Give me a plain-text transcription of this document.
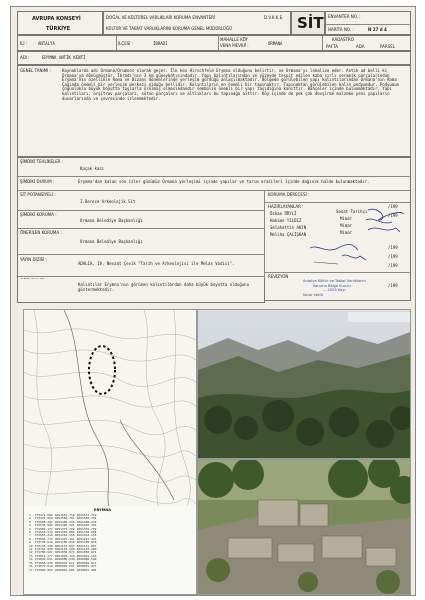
AVRUPA KONSEYİ
TÜRKİYE
DOĞAL VE KÜLTÜREL VARLIKLARI KORUMA ENVANTERİ
KÜLTÜR VE TABİAT VARLIKLARINI KORUMA GENEL MÜDÜRLÜĞÜ
D.V.K.K.E. SİT ENVANTER NO. :
HARİTA NO. :	N 27 d 4
İLİ :	ANTALYA	İLÇESİ :	İBRADI
MAHALLE KÖY
VENA MEVKİİ :	ORMANA
KADASTRO
PAFTA	ADA	PARSEL
ADI :	ERYMNA ANTİK KENTİ
GENEL TANIMI :	Kaynaklarda adı Ormana/Orumnos olarak geçer. İlk kez Hirschfeld Erymna olduğunu belirtir, ve Ormana'yı lokalize eder. Antik ad belli ki Ormana'ya dönüşmüştür. İbradı'nın 3 km güneybatısındadır. Yapı kalıntılarından ve yüzeyde tespit edilen kaba sırlı seramik parçalarından Erymna'nın özellikle Roma ve Bizans dönemlerinde yerleşim gördüğü anlaşılmaktadır. Bölgede görülebilen yapı kalıntılarından Ormana'nın Roma Çağında önemli bir yerleşim merkezi olduğu bellidir. Kalıntıların en önemli bir tapınaktır. Tapınaktan görülebilen kalın podyumdur. Podyumun çoğunlukla büyük boyutta taşlarla örülmüş olmasındandır sembolik önemli bir yapı taşıdığına kanıttır. Bahçeler içinde bulunmaktadır. Yapı kalıntıları, arşitrav parçaları, sütun parçaları ve altlıkları bu tapınağa aittir. Köy içinde de pek çok devşirme malzeme yeni yapıların duvarlarında ve çevresinde izlenmektedir.
ŞİMDİKİ TEHLİKELER :
Kaçak kazı
ŞİMDİKİ DURUM :	Erymna'dan kalan son izler günümüz Ormana yerleşimi içinde yapılar ve tarım arazileri içinde dağınık halde bulunmaktadır.
SİT POTANSİYELİ :
I.Derece Arkeolojik Sit
ŞİMDİKİ KORUMA :
Ormana Belediye Başkanlığı
ÖNERİLEN KORUMA :
Ormana Belediye Başkanlığı
YAYIN DİZİSİ :
ADALIA, IV. Nevzat Çevik "Tarih ve Arkeolojisi ile Melas Vadisi".
KORUMA DERECESİ :
HAZIRLAYANLAR :
Özkan ÜRYLİ	Sanat Tarihçi
Hakime YILDIZ	Mimar
Selahattin AKIN	Mimar
Meliha ÇALİŞKAN	Mimar
/199
/199
/199
/199
/199
/199
REVİZYON
Kalıntılar Erymna'nın görünen kalıntılardan daha büyük boyutta olduğunu göstermektedir.
Antalya Kültür ve Tabiat Varlıklarını
Koruma Bölge Kurulu
....2003 Sayı
Karar sözlü
ERYMNA
1	379471.682	4091651.719	4091651.719
2	379474.682	4091582.701	4091582.701
3	379508.441	4091489.216	4091489.216
4	379536.906	4091420.301	4091420.301
5	379582.177	4091375.702	4091375.702
6	379618.514	4091318.804	4091318.804
7	379655.219	4091262.155	4091262.155
8	379693.772	4091227.431	4091227.431
9	379728.613	4091189.018	4091189.018
10	379745.126	4091141.607	4091141.607
11	379761.438	4091103.200	4091103.200
12	379780.902	4091058.874	4091058.874
13	379812.277	4091022.116	4091022.116
14	379830.651	4090980.540	4090980.540
15	379858.330	4090942.611	4090942.611
16	379879.612	4090901.227	4090901.227
17	379900.007	4090861.004	4090861.004
